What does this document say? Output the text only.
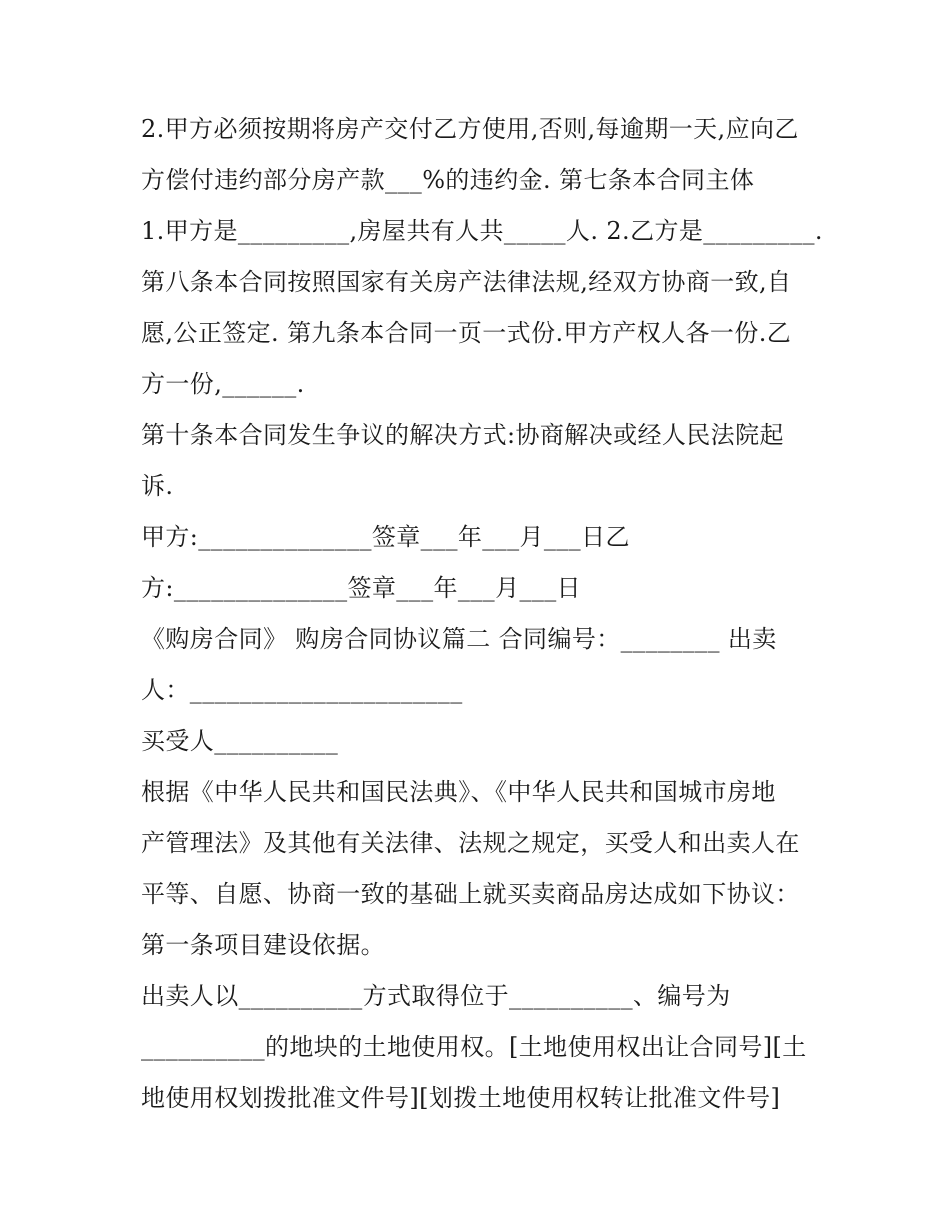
2.甲方必须按期将房产交付乙方使用,否则,每逾期一天,应向乙
方偿付违约部分房产款___%的违约金. 第七条本合同主体
1.甲方是_________,房屋共有人共_____人. 2.乙方是_________.
第八条本合同按照国家有关房产法律法规,经双方协商一致,自
愿,公正签定. 第九条本合同一页一式份.甲方产权人各一份.乙
方一份,______.
第十条本合同发生争议的解决方式:协商解决或经人民法院起
诉.
甲方:______________签章___年___月___日乙
方:______________签章___年___月___日
《购房合同》 购房合同协议篇二 合同编号：________ 出卖
人：______________________
买受人__________
根据《中华人民共和国民法典》、《中华人民共和国城市房地
产管理法》及其他有关法律、法规之规定，买受人和出卖人在
平等、自愿、协商一致的基础上就买卖商品房达成如下协议：
第一条项目建设依据。
出卖人以__________方式取得位于__________、编号为
__________的地块的土地使用权。[土地使用权出让合同号][土
地使用权划拨批准文件号][划拨土地使用权转让批准文件号]
